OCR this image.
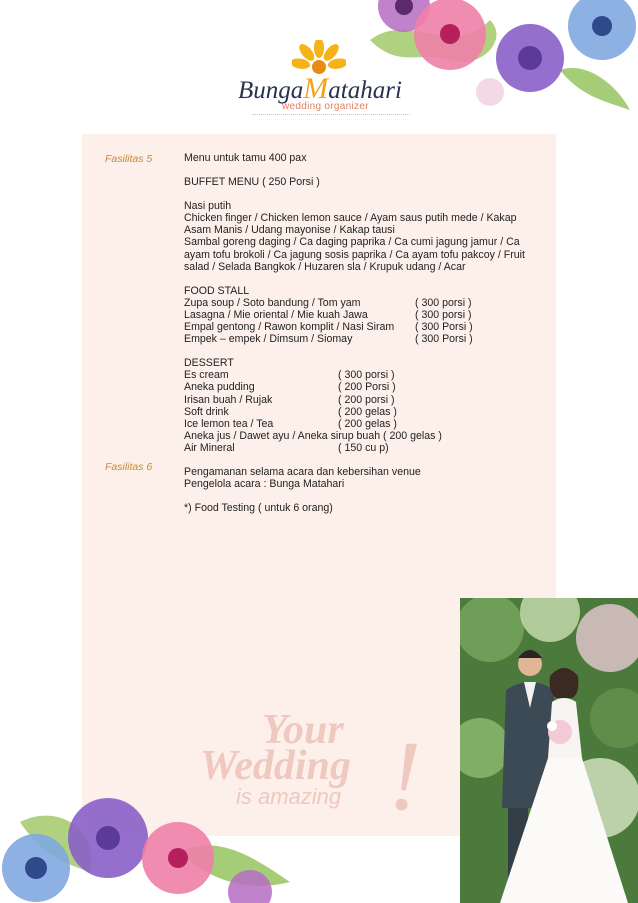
BungaMatahari
wedding organizer
Fasilitas 5
Fasilitas 6

Menu untuk tamu 400 pax

BUFFET MENU ( 250 Porsi )

Nasi putih

Chicken finger / Chicken lemon sauce / Ayam saus putih mede / Kakap

Asam Manis / Udang mayonise / Kakap tausi

Sambal goreng daging / Ca daging paprika / Ca cumi jagung jamur / Ca

ayam tofu brokoli / Ca jagung sosis paprika / Ca ayam tofu pakcoy / Fruit

salad / Selada Bangkok / Huzaren sla / Krupuk udang / Acar

FOOD STALL

Zupa soup / Soto bandung / Tom yam	( 300 porsi )
Lasagna / Mie oriental / Mie kuah Jawa	( 300 porsi )
Empal gentong / Rawon komplit / Nasi Siram ( 300 Porsi )
Empek – empek / Dimsum / Siomay	( 300 Porsi )

DESSERT

Es cream	( 300 porsi )
Aneka pudding	( 200 Porsi )
Irisan buah / Rujak	( 200 porsi )
Soft drink	( 200 gelas )
Ice lemon tea / Tea	( 200 gelas )
Aneka jus / Dawet ayu / Aneka sirup buah ( 200 gelas )
Air Mineral	( 150 cu p)

Pengamanan selama acara dan kebersihan venue

Pengelola acara : Bunga Matahari

*) Food Testing ( untuk 6 orang)

Your
Wedding
is amazing !
